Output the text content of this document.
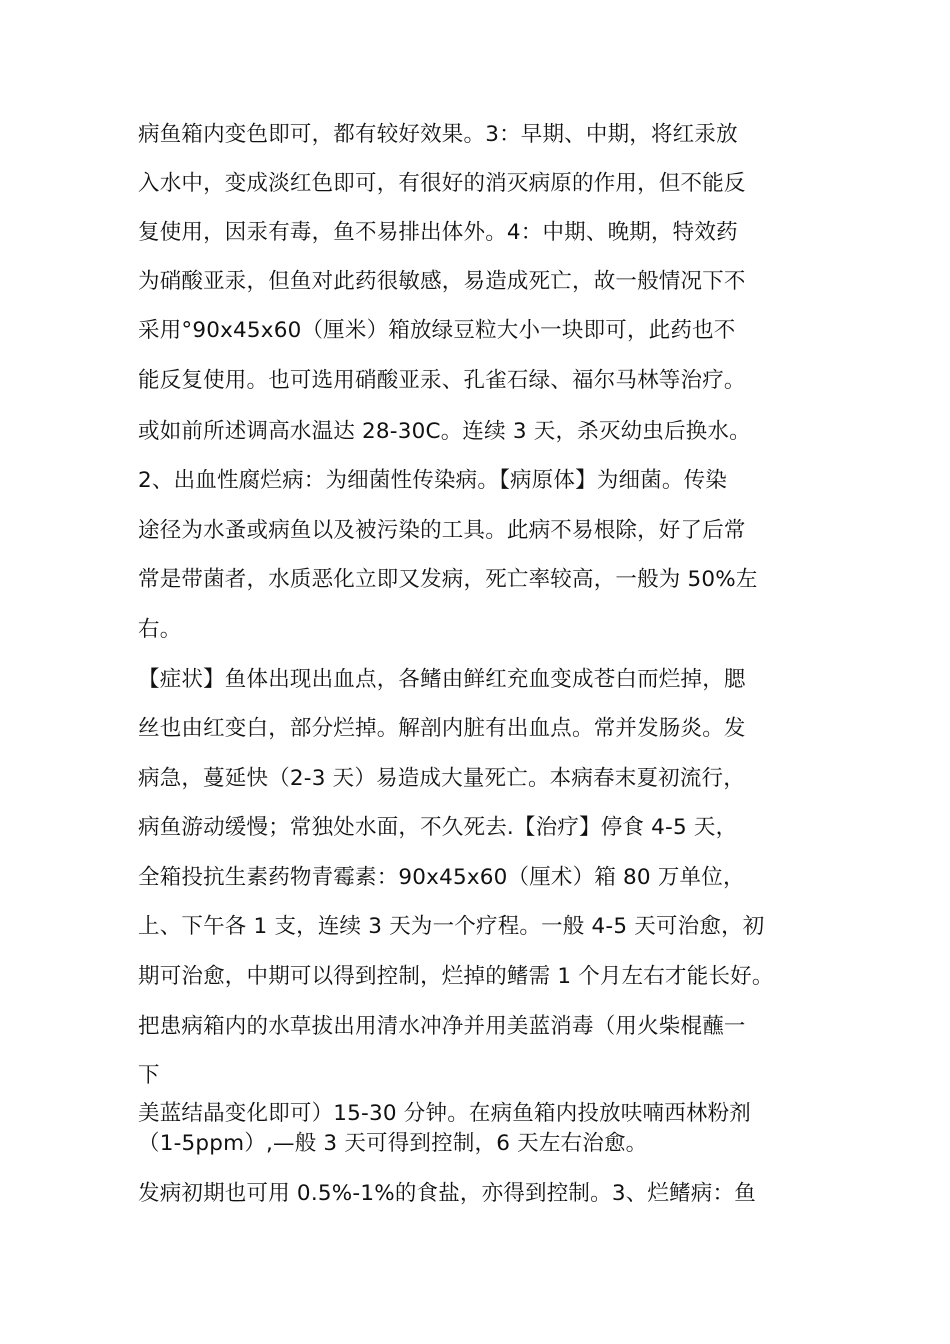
病鱼箱内变色即可，都有较好效果。3：早期、中期，将红汞放
入水中，变成淡红色即可，有很好的消灭病原的作用，但不能反
复使用，因汞有毒，鱼不易排出体外。4：中期、晚期，特效药
为硝酸亚汞，但鱼对此药很敏感，易造成死亡，故一般情况下不
采用°90x45x60（厘米）箱放绿豆粒大小一块即可，此药也不
能反复使用。也可选用硝酸亚汞、孔雀石绿、福尔马林等治疗。
或如前所述调高水温达 28-30C。连续 3 天，杀灭幼虫后换水。
2、出血性腐烂病：为细菌性传染病。【病原体】为细菌。传染
途径为水蚤或病鱼以及被污染的工具。此病不易根除，好了后常
常是带菌者，水质恶化立即又发病，死亡率较高，一般为 50%左
右。
【症状】鱼体出现出血点，各鳍由鲜红充血变成苍白而烂掉，腮
丝也由红变白，部分烂掉。解剖内脏有出血点。常并发肠炎。发
病急，蔓延快（2-3 天）易造成大量死亡。本病春末夏初流行，
病鱼游动缓慢；常独处水面，不久死去.【治疗】停食 4-5 天，
全箱投抗生素药物青霉素：90x45x60（厘术）箱 80 万单位，
上、下午各 1 支，连续 3 天为一个疗程。一般 4-5 天可治愈，初
期可治愈，中期可以得到控制，烂掉的鳍需 1 个月左右才能长好。
把患病箱内的水草拔出用清水冲净并用美蓝消毒（用火柴棍蘸一
下
美蓝结晶变化即可）15-30 分钟。在病鱼箱内投放呋喃西林粉剂
（1-5ppm）,—般 3 天可得到控制，6 天左右治愈。
发病初期也可用 0.5%-1%的食盐，亦得到控制。3、烂鳍病：鱼
